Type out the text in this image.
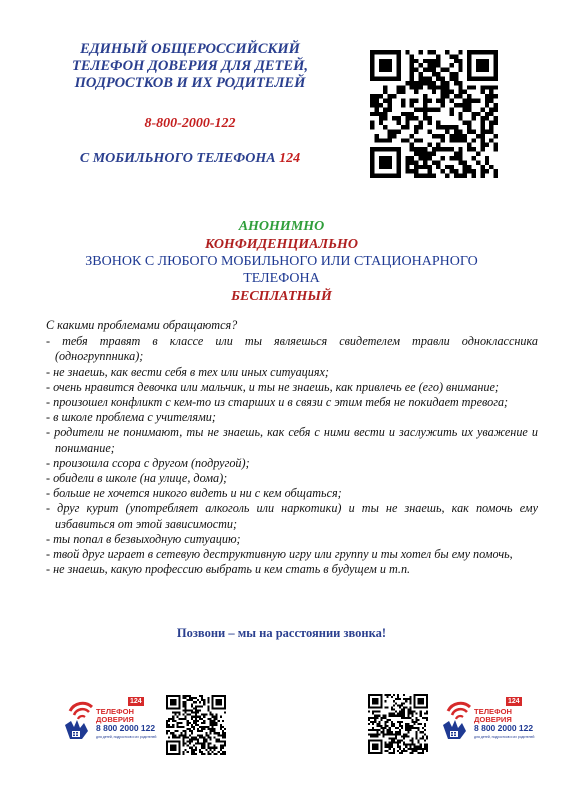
ЕДИНЫЙ ОБЩЕРОССИЙСКИЙ
ТЕЛЕФОН ДОВЕРИЯ ДЛЯ ДЕТЕЙ,
ПОДРОСТКОВ И ИХ РОДИТЕЛЕЙ
8-800-2000-122
С МОБИЛЬНОГО ТЕЛЕФОНА 124
АНОНИМНО
КОНФИДЕНЦИАЛЬНО
ЗВОНОК С ЛЮБОГО МОБИЛЬНОГО ИЛИ СТАЦИОНАРНОГО
ТЕЛЕФОНА
БЕСПЛАТНЫЙ
С какими проблемами обращаются?
- тебя травят в классе или ты являешься свидетелем травли одноклассника (одногруппника);
- не знаешь, как вести себя в тех или иных ситуациях;
- очень нравится девочка или мальчик, и ты не знаешь, как привлечь ее (его) внимание;
- произошел конфликт с кем-то из старших и в связи с этим тебя не покидает тревога;
- в школе проблема с учителями;
- родители не понимают, ты не знаешь, как себя с ними вести и заслужить их уважение и понимание;
- произошла ссора с другом (подругой);
- обидели в школе (на улице, дома);
- больше не хочется никого видеть и ни с кем общаться;
- друг курит (употребляет алкоголь или наркотики) и ты не знаешь, как помочь ему избавиться от этой зависимости;
- ты попал в безвыходную ситуацию;
- твой друг играет в сетевую деструктивную игру или группу и ты хотел бы ему помочь,
- не знаешь, какую профессию выбрать и кем стать в будущем и т.п.
Позвони – мы на расстоянии звонка!
124
ТЕЛЕФОН
ДОВЕРИЯ
8 800 2000 122
для детей, подростков и их родителей
124
ТЕЛЕФОН
ДОВЕРИЯ
8 800 2000 122
для детей, подростков и их родителей
